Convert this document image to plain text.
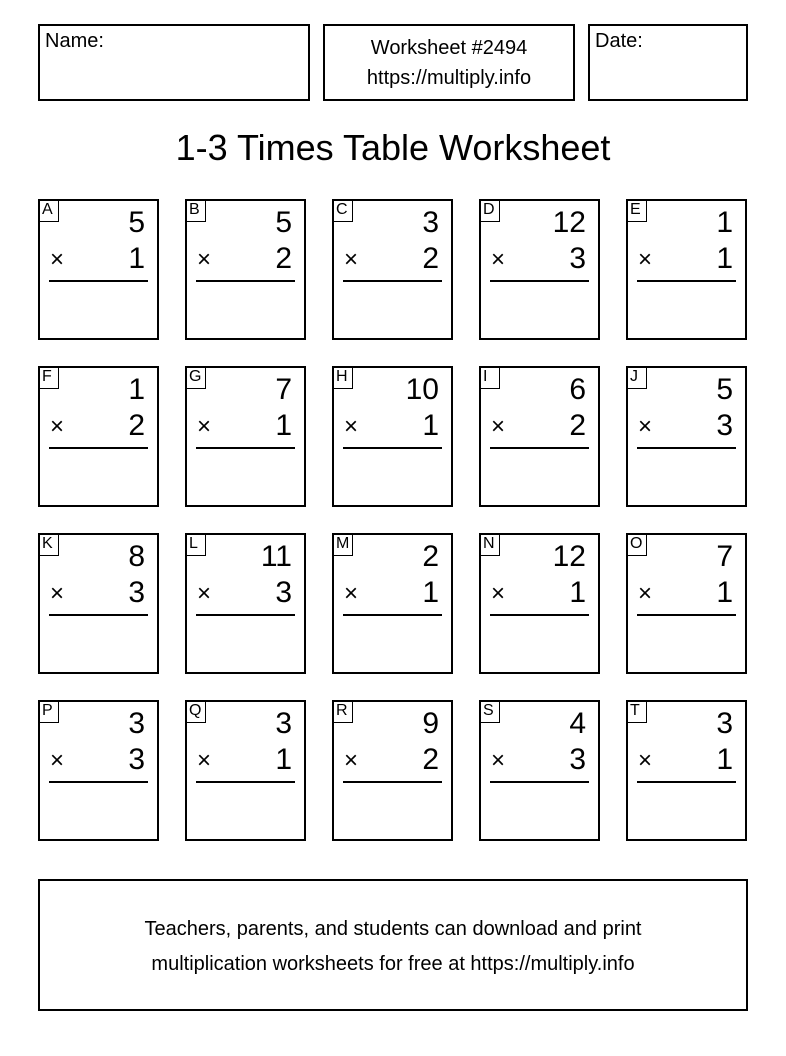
Name:	Worksheet #2494
https://multiply.info
Date:
1-3 Times Table Worksheet
A	5
× 1
B	5
× 2
C 3
× 2
D 12
× 3
E	1
× 1
F	1
× 2
G 7
× 1
H 10
× 1
I	6
× 2
J	5
× 3
K	8
× 3
L 11
× 3
M 2
× 1
N 12
× 1
O 7
× 1
P	3
× 3
Q 3
× 1
R 9
× 2
S	4
× 3
T	3
× 1
Teachers, parents, and students can download and print
multiplication worksheets for free at https://multiply.info
